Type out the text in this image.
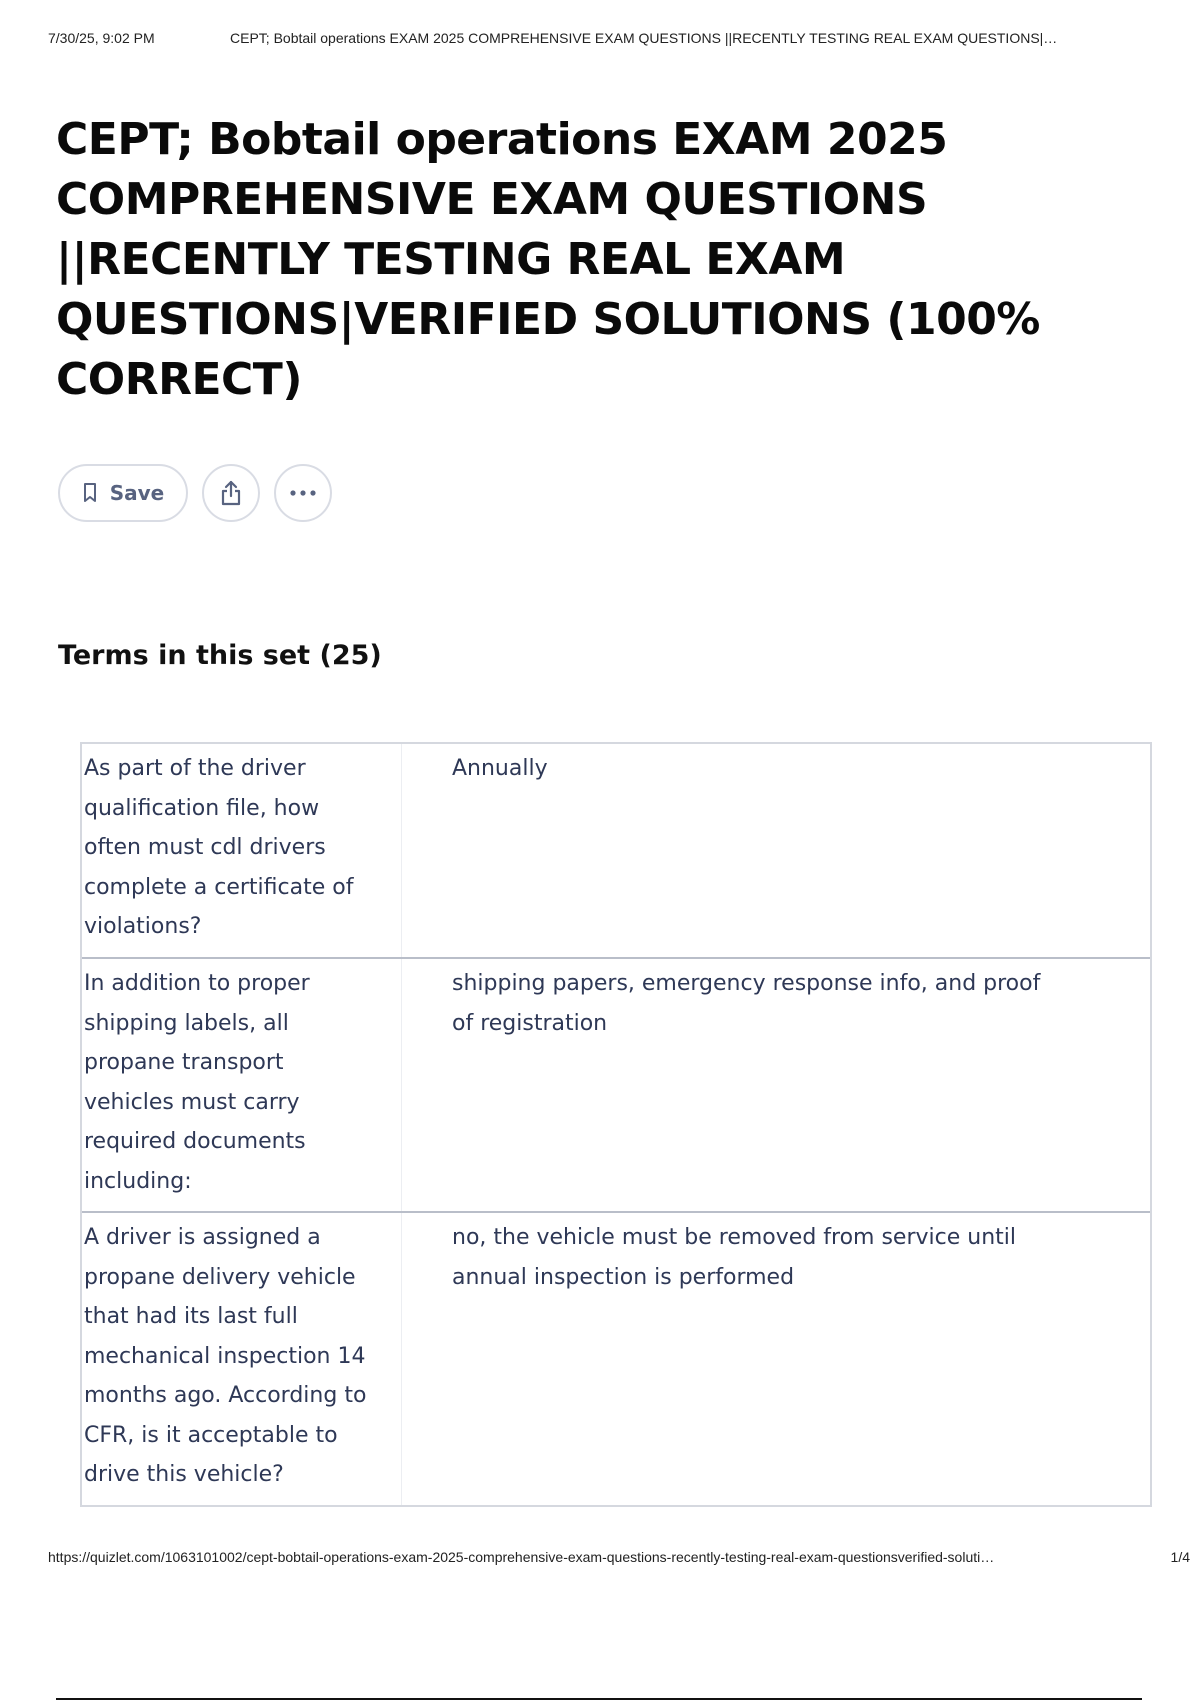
7/30/25, 9:02 PM	CEPT; Bobtail operations EXAM 2025 COMPREHENSIVE EXAM QUESTIONS ||RECENTLY TESTING REAL EXAM QUESTIONS|…
CEPT; Bobtail operations EXAM 2025
COMPREHENSIVE EXAM QUESTIONS
||RECENTLY TESTING REAL EXAM
QUESTIONS|VERIFIED SOLUTIONS (100%
CORRECT)
Save
Terms in this set (25)
As part of the driver
qualification file, how
often must cdl drivers
complete a certificate of
violations?
Annually
In addition to proper
shipping labels, all
propane transport
vehicles must carry
required documents
including:
shipping papers, emergency response info, and proof
of registration
A driver is assigned a
propane delivery vehicle
that had its last full
mechanical inspection 14
months ago. According to
CFR, is it acceptable to
drive this vehicle?
no, the vehicle must be removed from service until
annual inspection is performed
https://quizlet.com/1063101002/cept-bobtail-operations-exam-2025-comprehensive-exam-questions-recently-testing-real-exam-questionsverified-soluti…	1/4
